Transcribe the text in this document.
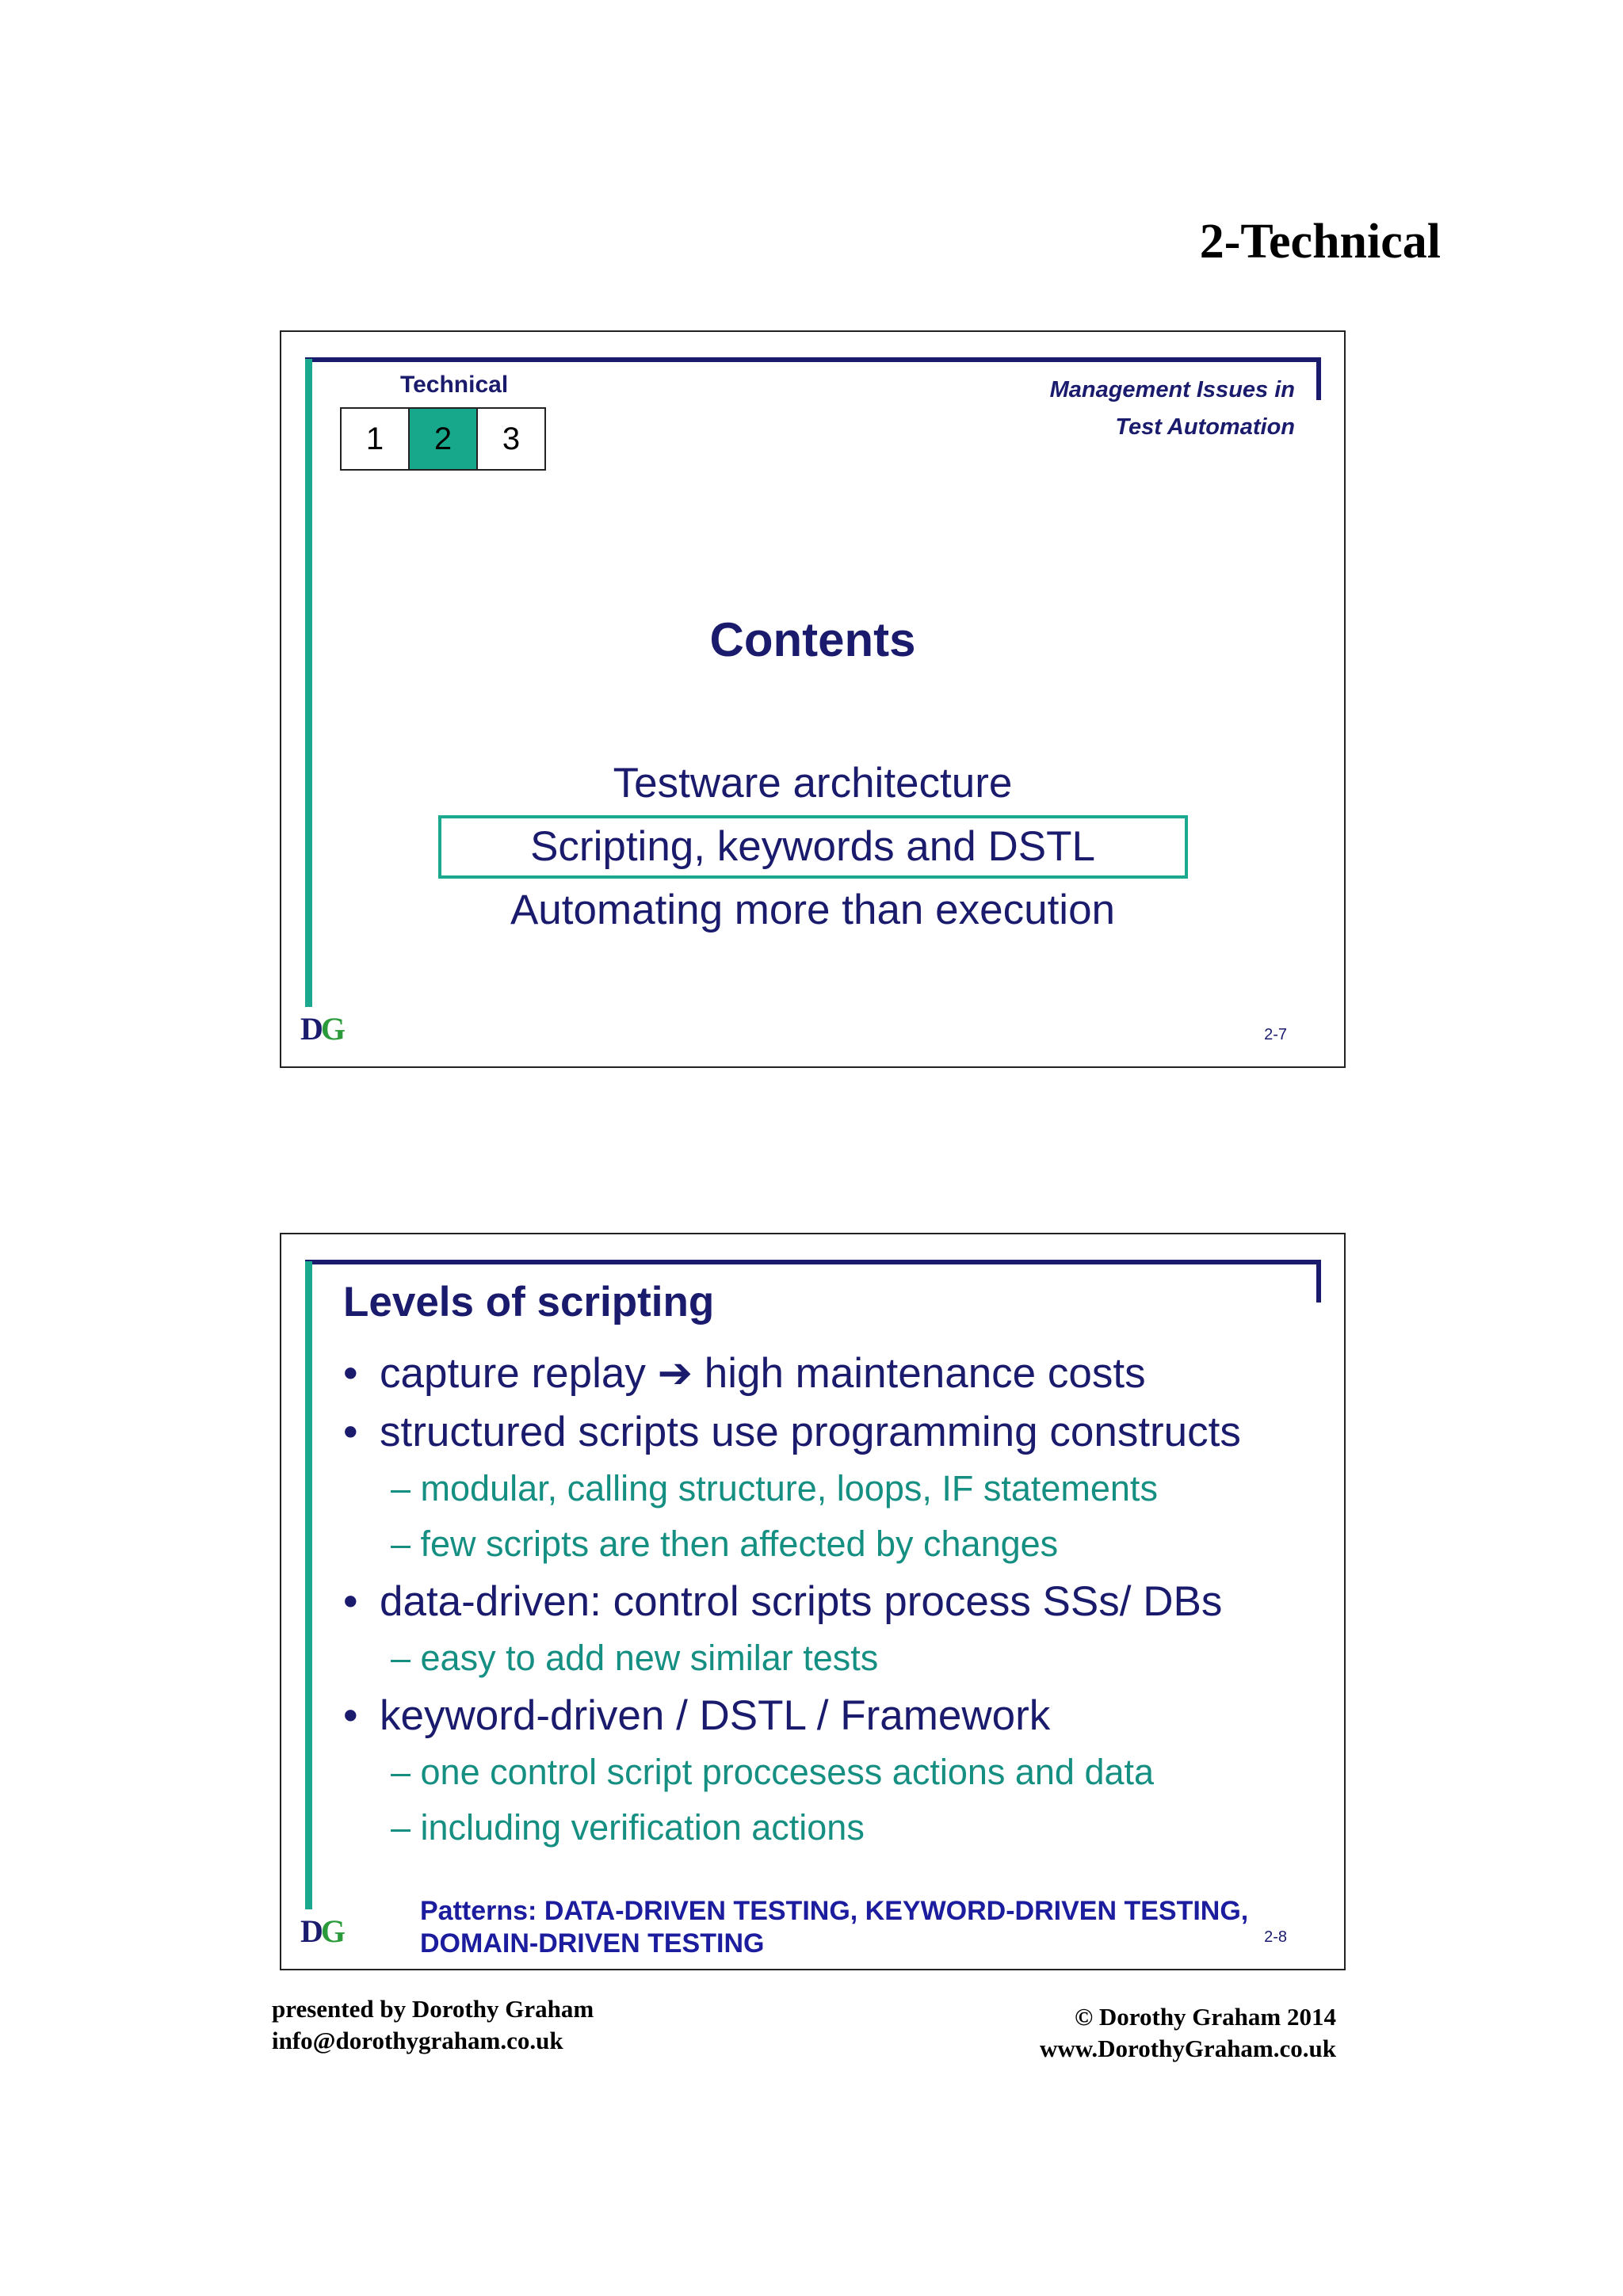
2-Technical
Technical
1	2	3
Management Issues in
Test Automation
Contents
Testware architecture
Scripting, keywords and DSTL
Automating more than execution
DG	2-7
Levels of scripting
• capture replay
➔
high maintenance costs
• structured scripts use programming constructs
– modular, calling structure, loops, IF statements
– few scripts are then affected by changes
• data-driven: control scripts process SSs/ DBs
– easy to add new similar tests
• keyword-driven / DSTL / Framework
– one control script proccesess actions and data
– including verification actions
Patterns: DATA-DRIVEN TESTING, KEYWORD-DRIVEN TESTING,
DOMAIN-DRIVEN TESTING
DG	2-8
presented by Dorothy Graham
info@dorothygraham.co.uk
© Dorothy Graham 2014
www.DorothyGraham.co.uk
